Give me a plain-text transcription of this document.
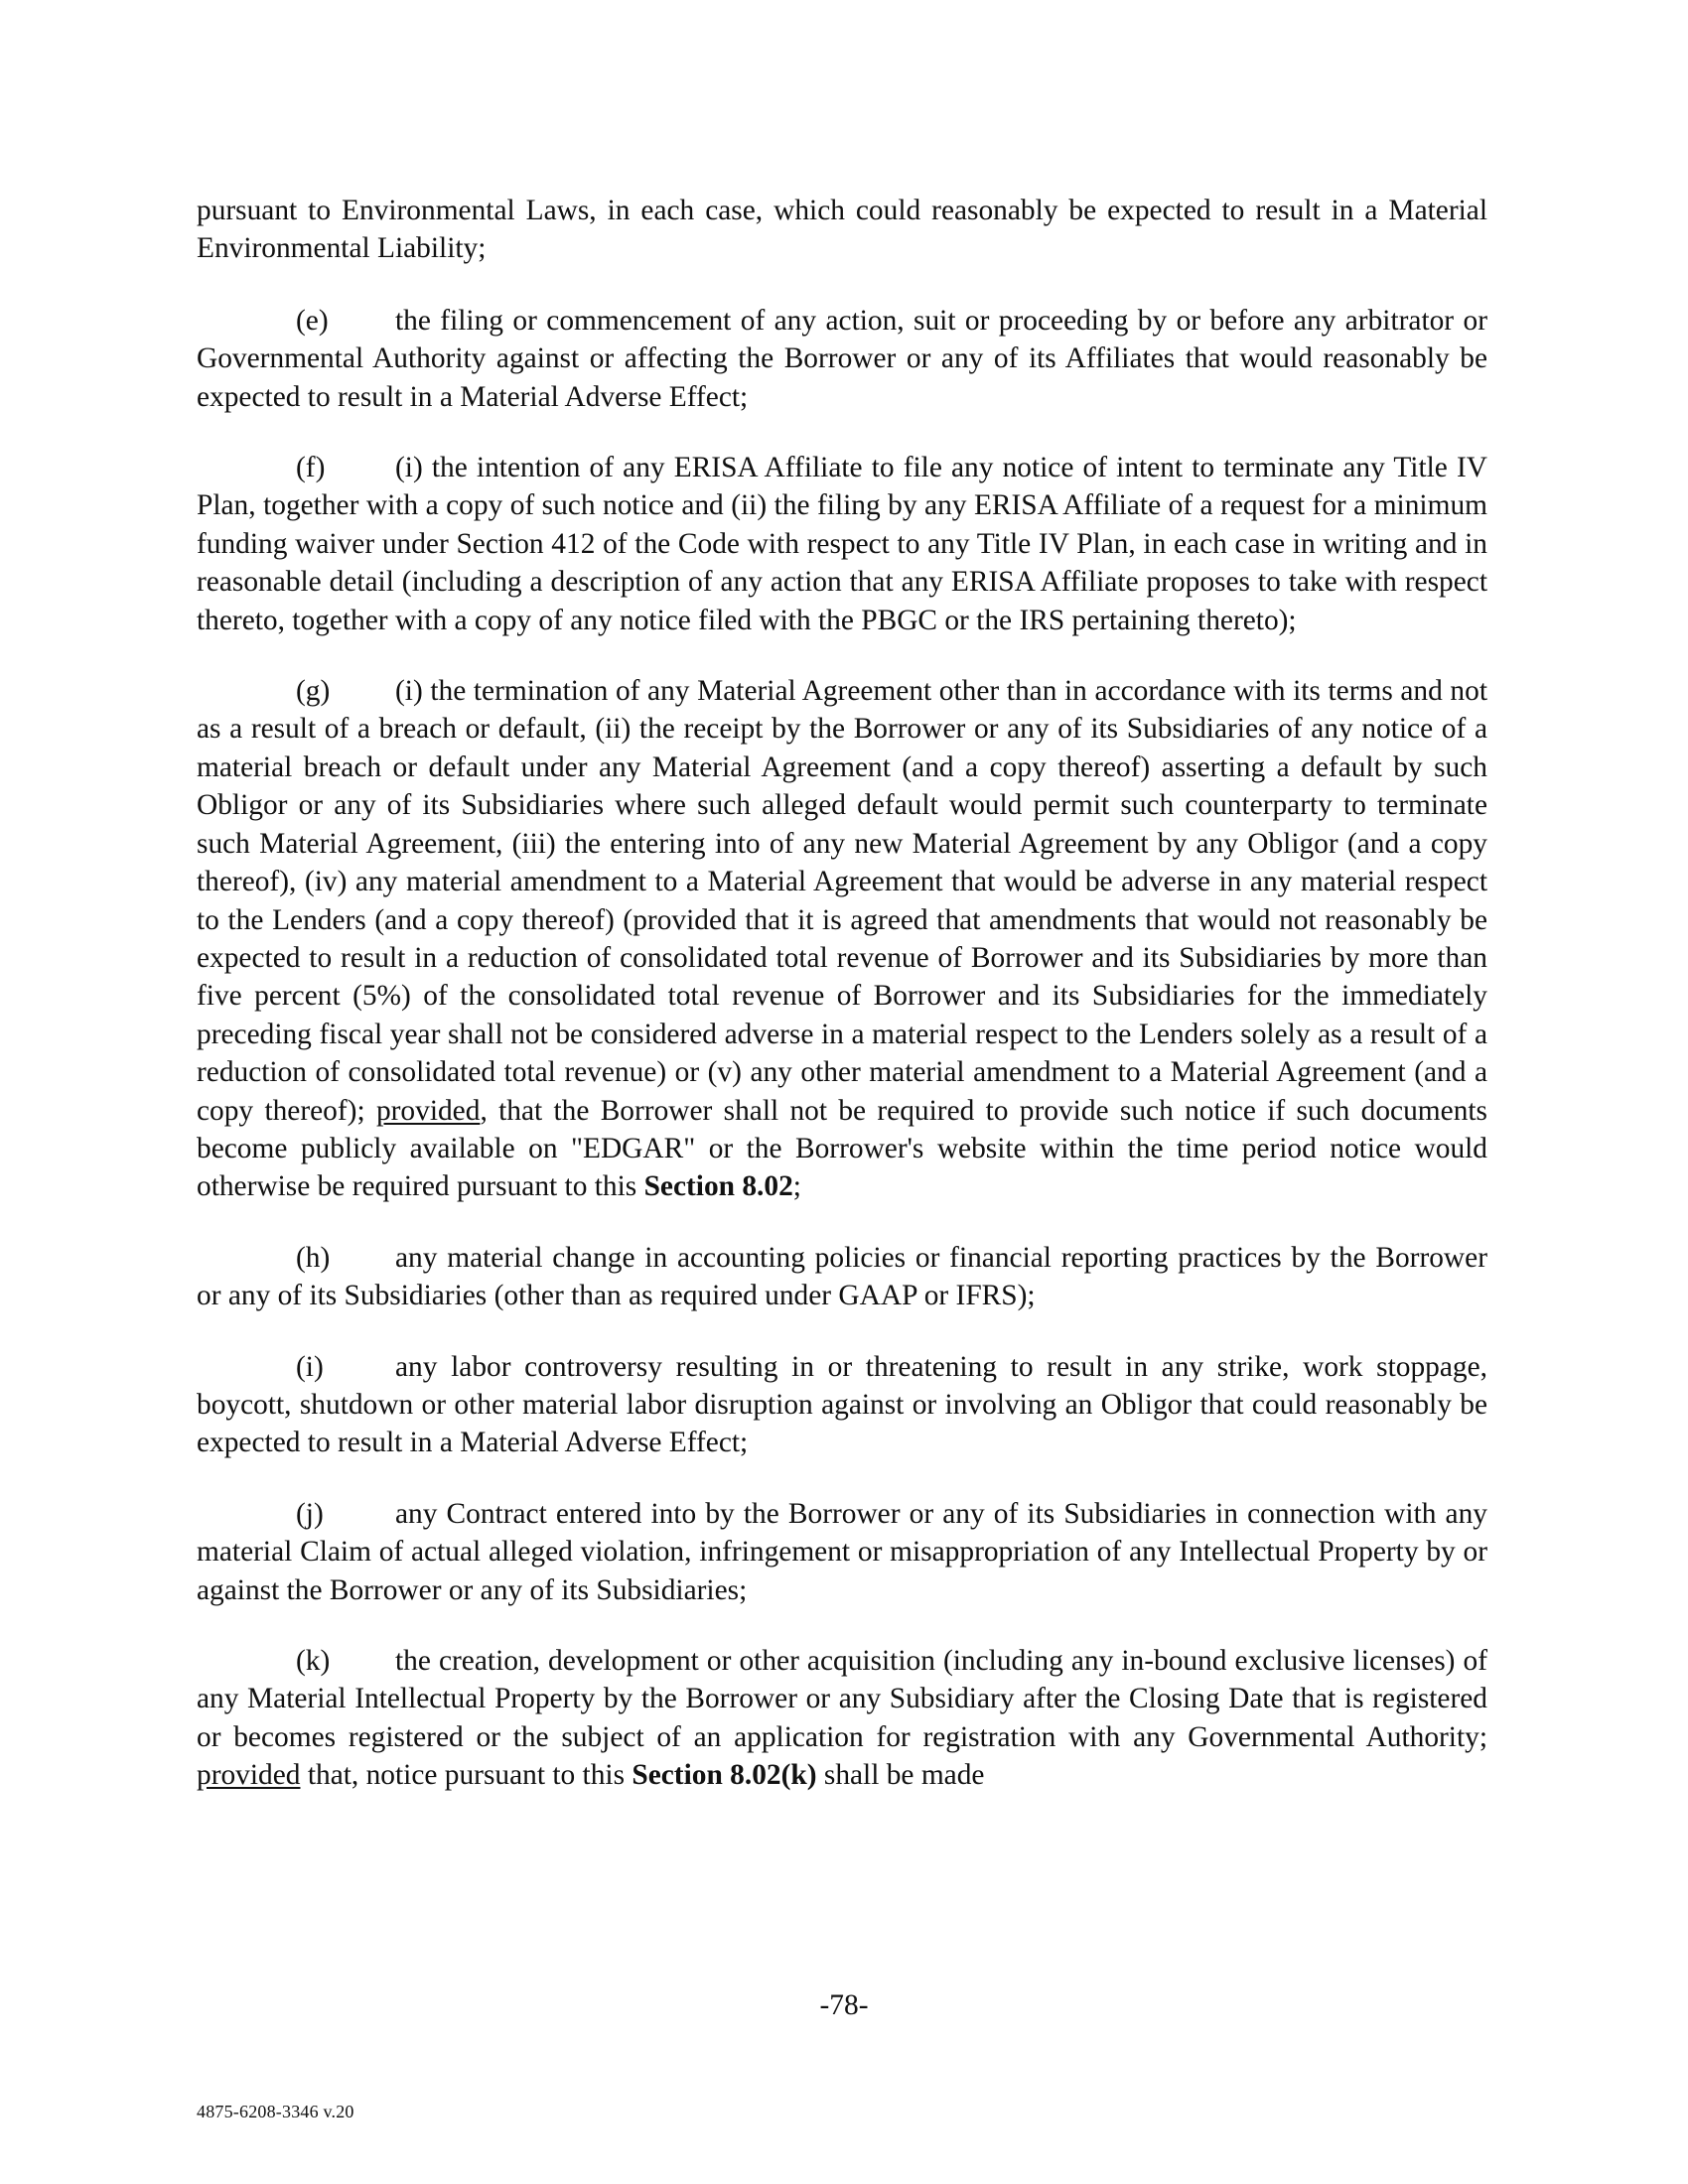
pursuant to Environmental Laws, in each case, which could reasonably be expected to result in a Material Environmental Liability;

(e) the filing or commencement of any action, suit or proceeding by or before any arbitrator or Governmental Authority against or affecting the Borrower or any of its Affiliates that would reasonably be expected to result in a Material Adverse Effect;

(f) (i) the intention of any ERISA Affiliate to file any notice of intent to terminate any Title IV Plan, together with a copy of such notice and (ii) the filing by any ERISA Affiliate of a request for a minimum funding waiver under Section 412 of the Code with respect to any Title IV Plan, in each case in writing and in reasonable detail (including a description of any action that any ERISA Affiliate proposes to take with respect thereto, together with a copy of any notice filed with the PBGC or the IRS pertaining thereto);

(g) (i) the termination of any Material Agreement other than in accordance with its terms and not as a result of a breach or default, (ii) the receipt by the Borrower or any of its Subsidiaries of any notice of a material breach or default under any Material Agreement (and a copy thereof) asserting a default by such Obligor or any of its Subsidiaries where such alleged default would permit such counterparty to terminate such Material Agreement, (iii) the entering into of any new Material Agreement by any Obligor (and a copy thereof), (iv) any material amendment to a Material Agreement that would be adverse in any material respect to the Lenders (and a copy thereof) (provided that it is agreed that amendments that would not reasonably be expected to result in a reduction of consolidated total revenue of Borrower and its Subsidiaries by more than five percent (5%) of the consolidated total revenue of Borrower and its Subsidiaries for the immediately preceding fiscal year shall not be considered adverse in a material respect to the Lenders solely as a result of a reduction of consolidated total revenue) or (v) any other material amendment to a Material Agreement (and a copy thereof); provided, that the Borrower shall not be required to provide such notice if such documents become publicly available on "EDGAR" or the Borrower's website within the time period notice would otherwise be required pursuant to this Section 8.02;

(h) any material change in accounting policies or financial reporting practices by the Borrower or any of its Subsidiaries (other than as required under GAAP or IFRS);

(i) any labor controversy resulting in or threatening to result in any strike, work stoppage, boycott, shutdown or other material labor disruption against or involving an Obligor that could reasonably be expected to result in a Material Adverse Effect;

(j) any Contract entered into by the Borrower or any of its Subsidiaries in connection with any material Claim of actual alleged violation, infringement or misappropriation of any Intellectual Property by or against the Borrower or any of its Subsidiaries;

(k) the creation, development or other acquisition (including any in-bound exclusive licenses) of any Material Intellectual Property by the Borrower or any Subsidiary after the Closing Date that is registered or becomes registered or the subject of an application for registration with any Governmental Authority; provided that, notice pursuant to this Section 8.02(k) shall be made

-78-
4875-6208-3346 v.20
